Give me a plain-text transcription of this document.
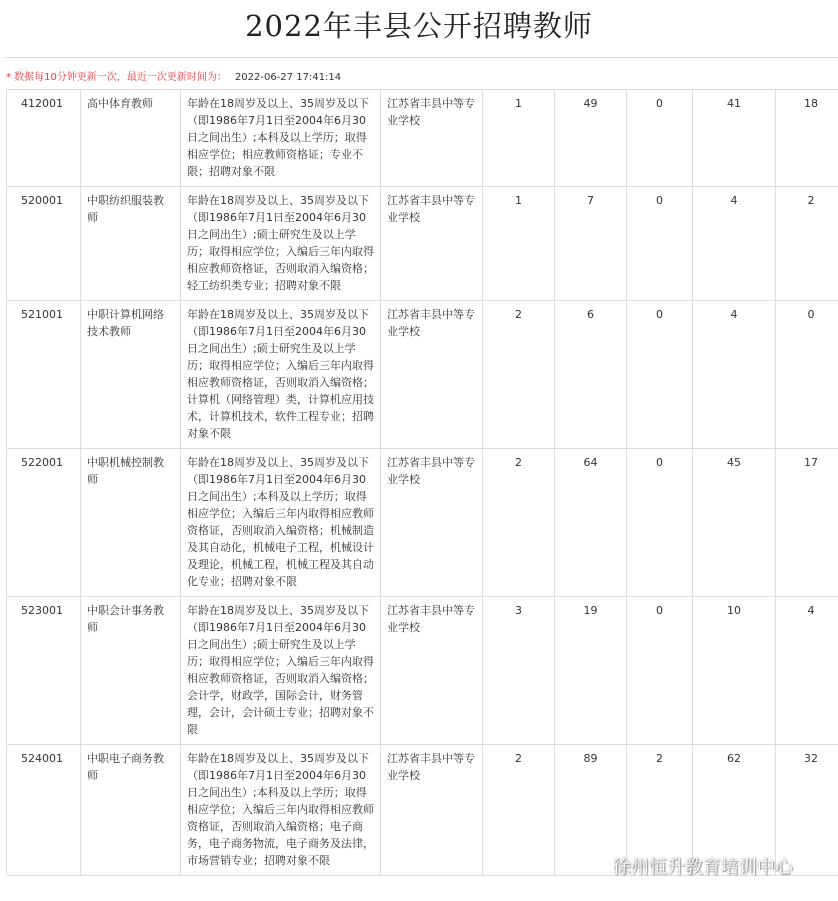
2022年丰县公开招聘教师
* 数据每10分钟更新一次，最近一次更新时间为： 2022-06-27 17:41:14
412001	高中体育教师	年龄在18周岁及以上、35周岁及以下（即1986年7月1日至2004年6月30日之间出生）;本科及以上学历；取得相应学位；相应教师资格证；专业不限；招聘对象不限	江苏省丰县中等专业学校	1	49	0	41	18
520001	中职纺织服装教师	年龄在18周岁及以上、35周岁及以下（即1986年7月1日至2004年6月30日之间出生）;硕士研究生及以上学历；取得相应学位；入编后三年内取得相应教师资格证，否则取消入编资格；轻工纺织类专业；招聘对象不限	江苏省丰县中等专业学校	1	7	0	4	2
521001	中职计算机网络技术教师	年龄在18周岁及以上、35周岁及以下（即1986年7月1日至2004年6月30日之间出生）;硕士研究生及以上学历；取得相应学位；入编后三年内取得相应教师资格证，否则取消入编资格；计算机（网络管理）类，计算机应用技术，计算机技术，软件工程专业；招聘对象不限	江苏省丰县中等专业学校	2	6	0	4	0
522001	中职机械控制教师	年龄在18周岁及以上、35周岁及以下（即1986年7月1日至2004年6月30日之间出生）;本科及以上学历；取得相应学位；入编后三年内取得相应教师资格证，否则取消入编资格；机械制造及其自动化，机械电子工程，机械设计及理论，机械工程，机械工程及其自动化专业；招聘对象不限	江苏省丰县中等专业学校	2	64	0	45	17
523001	中职会计事务教师	年龄在18周岁及以上、35周岁及以下（即1986年7月1日至2004年6月30日之间出生）;硕士研究生及以上学历；取得相应学位；入编后三年内取得相应教师资格证，否则取消入编资格；会计学，财政学，国际会计，财务管理，会计，会计硕士专业；招聘对象不限	江苏省丰县中等专业学校	3	19	0	10	4
524001	中职电子商务教师	年龄在18周岁及以上、35周岁及以下（即1986年7月1日至2004年6月30日之间出生）;本科及以上学历；取得相应学位；入编后三年内取得相应教师资格证，否则取消入编资格；电子商务，电子商务物流，电子商务及法律，市场营销专业；招聘对象不限	江苏省丰县中等专业学校	2	89	2	62	32
徐州恒升教育培训中心
